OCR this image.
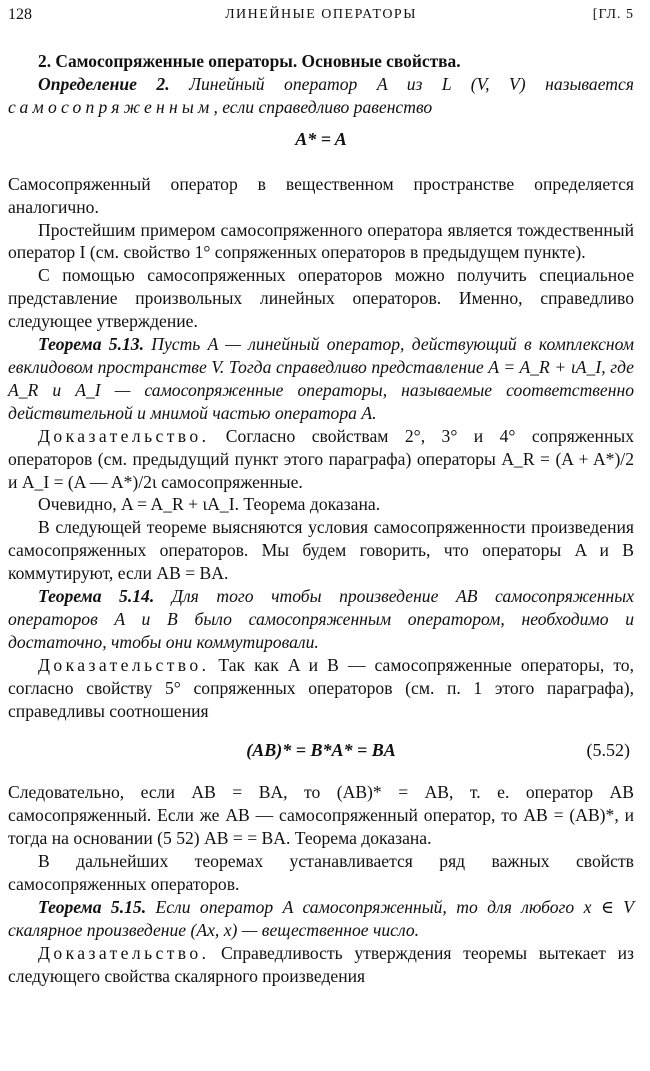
128	ЛИНЕЙНЫЕ ОПЕРАТОРЫ	[ГЛ. 5

2. Самосопряженные операторы. Основные свойства.

Определение 2. Линейный оператор A из L (V, V) называется самосопряженным, если справедливо равенство

A* = A

Самосопряженный оператор в вещественном пространстве определяется аналогично.

Простейшим примером самосопряженного оператора является тождественный оператор I (см. свойство 1° сопряженных операторов в предыдущем пункте).

С помощью самосопряженных операторов можно получить специальное представление произвольных линейных операторов. Именно, справедливо следующее утверждение.

Теорема 5.13. Пусть A — линейный оператор, действующий в комплексном евклидовом пространстве V. Тогда справедливо представление A = A_R + ιA_I, где A_R и A_I — самосопряженные операторы, называемые соответственно действительной и мнимой частью оператора A.

Доказательство. Согласно свойствам 2°, 3° и 4° сопряженных операторов (см. предыдущий пункт этого параграфа) операторы A_R = (A + A*)/2 и A_I = (A — A*)/2ι самосопряженные.

Очевидно, A = A_R + ιA_I. Теорема доказана.

В следующей теореме выясняются условия самосопряженности произведения самосопряженных операторов. Мы будем говорить, что операторы A и B коммутируют, если AB = BA.

Теорема 5.14. Для того чтобы произведение AB самосопряженных операторов A и B было самосопряженным оператором, необходимо и достаточно, чтобы они коммутировали.

Доказательство. Так как A и B — самосопряженные операторы, то, согласно свойству 5° сопряженных операторов (см. п. 1 этого параграфа), справедливы соотношения

(AB)* = B*A* = BA	(5.52)

Следовательно, если AB = BA, то (AB)* = AB, т. е. оператор AB самосопряженный. Если же AB — самосопряженный оператор, то AB = (AB)*, и тогда на основании (5 52) AB = = BA. Теорема доказана.

В дальнейших теоремах устанавливается ряд важных свойств самосопряженных операторов.

Теорема 5.15. Если оператор A самосопряженный, то для любого x ∈ V скалярное произведение (Ax, x) — вещественное число.

Доказательство. Справедливость утверждения теоремы вытекает из следующего свойства скалярного произведения
